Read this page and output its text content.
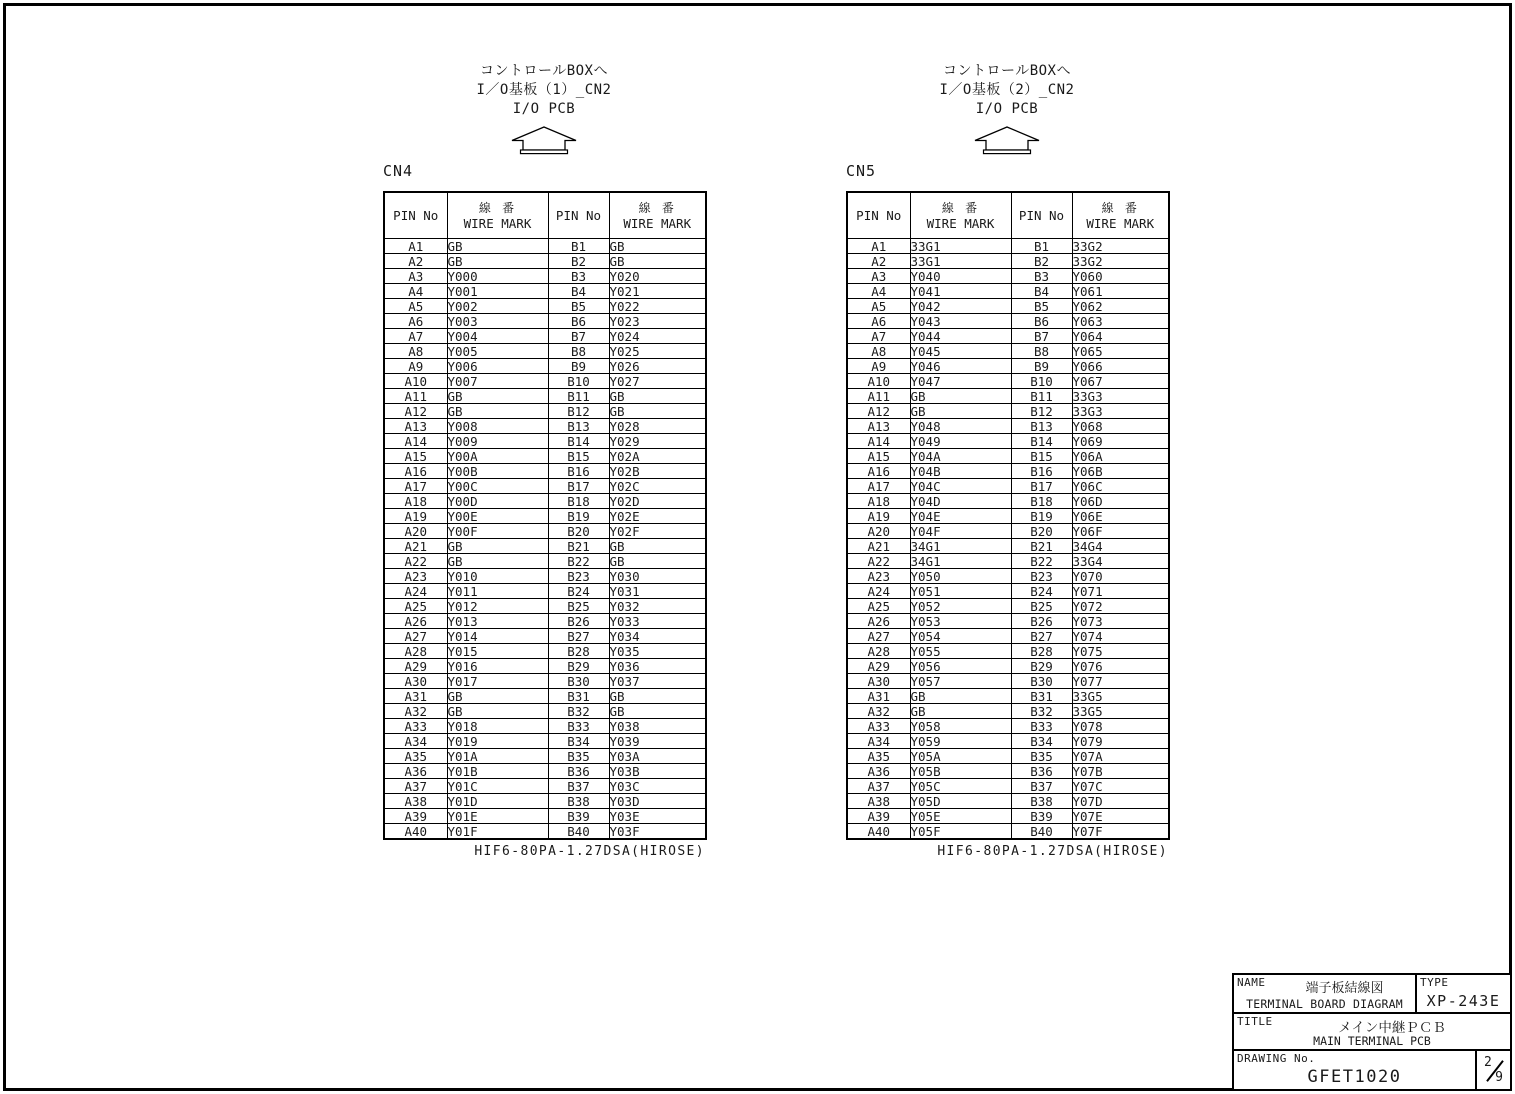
コントロールBOXへ
I／O基板（1）_CN2
I/O PCB
CN4
PIN No	線 番
WIRE MARK	PIN No	線 番
WIRE MARK

A1	GB	B1	GB
A2	GB	B2	GB
A3	Y000	B3	Y020
A4	Y001	B4	Y021
A5	Y002	B5	Y022
A6	Y003	B6	Y023
A7	Y004	B7	Y024
A8	Y005	B8	Y025
A9	Y006	B9	Y026
A10	Y007	B10	Y027
A11	GB	B11	GB
A12	GB	B12	GB
A13	Y008	B13	Y028
A14	Y009	B14	Y029
A15	Y00A	B15	Y02A
A16	Y00B	B16	Y02B
A17	Y00C	B17	Y02C
A18	Y00D	B18	Y02D
A19	Y00E	B19	Y02E
A20	Y00F	B20	Y02F
A21	GB	B21	GB
A22	GB	B22	GB
A23	Y010	B23	Y030
A24	Y011	B24	Y031
A25	Y012	B25	Y032
A26	Y013	B26	Y033
A27	Y014	B27	Y034
A28	Y015	B28	Y035
A29	Y016	B29	Y036
A30	Y017	B30	Y037
A31	GB	B31	GB
A32	GB	B32	GB
A33	Y018	B33	Y038
A34	Y019	B34	Y039
A35	Y01A	B35	Y03A
A36	Y01B	B36	Y03B
A37	Y01C	B37	Y03C
A38	Y01D	B38	Y03D
A39	Y01E	B39	Y03E
A40	Y01F	B40	Y03F
HIF6-80PA-1.27DSA(HIROSE)
コントロールBOXへ
I／O基板（2）_CN2
I/O PCB
CN5
PIN No	線 番
WIRE MARK	PIN No	線 番
WIRE MARK

A1	33G1	B1	33G2
A2	33G1	B2	33G2
A3	Y040	B3	Y060
A4	Y041	B4	Y061
A5	Y042	B5	Y062
A6	Y043	B6	Y063
A7	Y044	B7	Y064
A8	Y045	B8	Y065
A9	Y046	B9	Y066
A10	Y047	B10	Y067
A11	GB	B11	33G3
A12	GB	B12	33G3
A13	Y048	B13	Y068
A14	Y049	B14	Y069
A15	Y04A	B15	Y06A
A16	Y04B	B16	Y06B
A17	Y04C	B17	Y06C
A18	Y04D	B18	Y06D
A19	Y04E	B19	Y06E
A20	Y04F	B20	Y06F
A21	34G1	B21	34G4
A22	34G1	B22	33G4
A23	Y050	B23	Y070
A24	Y051	B24	Y071
A25	Y052	B25	Y072
A26	Y053	B26	Y073
A27	Y054	B27	Y074
A28	Y055	B28	Y075
A29	Y056	B29	Y076
A30	Y057	B30	Y077
A31	GB	B31	33G5
A32	GB	B32	33G5
A33	Y058	B33	Y078
A34	Y059	B34	Y079
A35	Y05A	B35	Y07A
A36	Y05B	B36	Y07B
A37	Y05C	B37	Y07C
A38	Y05D	B38	Y07D
A39	Y05E	B39	Y07E
A40	Y05F	B40	Y07F
HIF6-80PA-1.27DSA(HIROSE)
NAME	端子板結線図
TERMINAL BOARD DIAGRAM
TYPE
XP-243E
TITLE	メイン中継ＰＣＢ
MAIN TERMINAL PCB
DRAWING No.
GFET1020
2
9
